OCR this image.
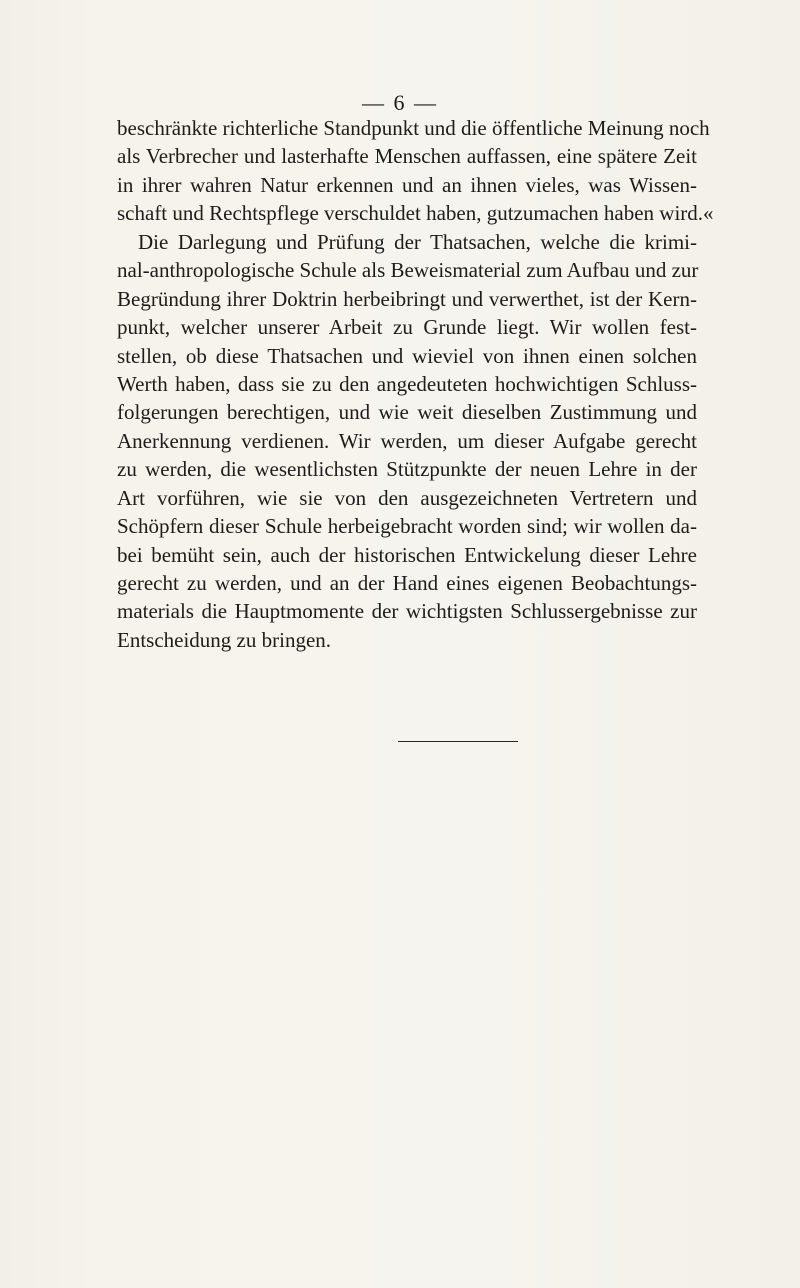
— 6 —
beschränkte richterliche Standpunkt und die öffentliche Meinung noch
als Verbrecher und lasterhafte Menschen auffassen, eine spätere Zeit
in ihrer wahren Natur erkennen und an ihnen vieles, was Wissen-
schaft und Rechtspflege verschuldet haben, gutzumachen haben wird.«
Die Darlegung und Prüfung der Thatsachen, welche die krimi-
nal-anthropologische Schule als Beweismaterial zum Aufbau und zur
Begründung ihrer Doktrin herbeibringt und verwerthet, ist der Kern-
punkt, welcher unserer Arbeit zu Grunde liegt. Wir wollen fest-
stellen, ob diese Thatsachen und wieviel von ihnen einen solchen
Werth haben, dass sie zu den angedeuteten hochwichtigen Schluss-
folgerungen berechtigen, und wie weit dieselben Zustimmung und
Anerkennung verdienen. Wir werden, um dieser Aufgabe gerecht
zu werden, die wesentlichsten Stützpunkte der neuen Lehre in der
Art vorführen, wie sie von den ausgezeichneten Vertretern und
Schöpfern dieser Schule herbeigebracht worden sind; wir wollen da-
bei bemüht sein, auch der historischen Entwickelung dieser Lehre
gerecht zu werden, und an der Hand eines eigenen Beobachtungs-
materials die Hauptmomente der wichtigsten Schlussergebnisse zur
Entscheidung zu bringen.
